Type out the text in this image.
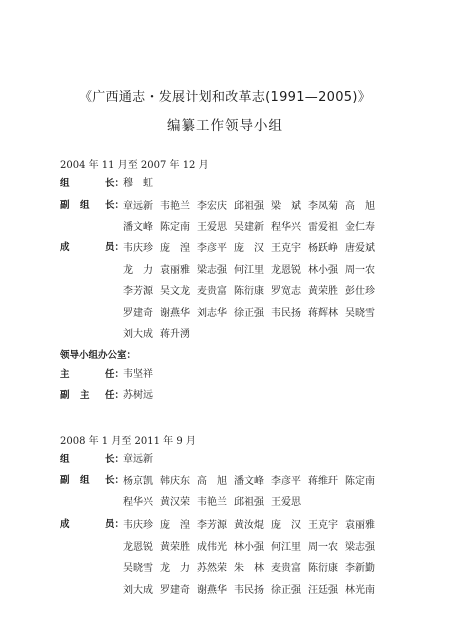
《广西通志・发展计划和改革志(1991—2005)》
编纂工作领导小组
2004 年 11 月至 2007 年 12 月
组	长：
穆　虹
副 组 长：
章远新 韦艳兰 李宏庆 邱祖强 梁　斌 李凤菊 高　旭
潘文峰 陈定南 王爱思 吴建新 程华兴 雷爱祖 金仁寿
成	员：
韦庆珍 庞　湟 李彦平 庞　汉 王克宇 杨跃峥 唐爱斌
龙　力 袁丽雅 梁志强 何江里 龙恩锐 林小强 周一农
李芳源 吴文龙 麦贵富 陈衍康 罗宽志 黄荣胜 彭仕珍
罗建奇 谢燕华 刘志华 徐正强 韦民扬 蒋辉林 吴晓雪
刘大成 蒋升湧
领导小组办公室：
主	任：
韦坚祥
副 主 任：
苏树远
2008 年 1 月至 2011 年 9 月
组	长：
章远新
副 组 长：
杨京凯 韩庆东 高　旭 潘文峰 李彦平 蒋维玕 陈定南
程华兴 黄汉荣 韦艳兰 邱祖强 王爱思
成	员：
韦庆珍 庞　湟 李芳源 黄汝焜 庞　汉 王克宇 袁丽雅
龙恩锐 黄荣胜 成伟光 林小强 何江里 周一农 梁志强
吴晓雪 龙　力 苏然荣 朱　林 麦贵富 陈衍康 李新勤
刘大成 罗建奇 谢燕华 韦民扬 徐正强 汪廷强 林光南
